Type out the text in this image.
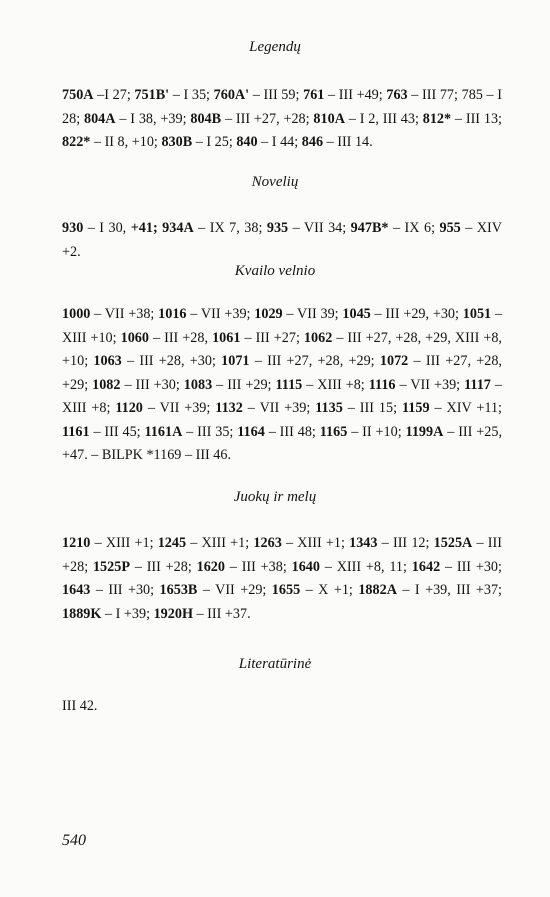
Legendų
750A –I 27; 751B' – I 35; 760A' – III 59; 761 – III +49; 763 – III 77; 785 – I 28; 804A – I 38, +39; 804B – III +27, +28; 810A – I 2, III 43; 812* – III 13; 822* – II 8, +10; 830B – I 25; 840 – I 44; 846 – III 14.
Novelių
930 – I 30, +41; 934A – IX 7, 38; 935 – VII 34; 947B* – IX 6; 955 – XIV +2.
Kvailo velnio
1000 – VII +38; 1016 – VII +39; 1029 – VII 39; 1045 – III +29, +30; 1051 – XIII +10; 1060 – III +28, 1061 – III +27; 1062 – III +27, +28, +29, XIII +8, +10; 1063 – III +28, +30; 1071 – III +27, +28, +29; 1072 – III +27, +28, +29; 1082 – III +30; 1083 – III +29; 1115 – XIII +8; 1116 – VII +39; 1117 – XIII +8; 1120 – VII +39; 1132 – VII +39; 1135 – III 15; 1159 – XIV +11; 1161 – III 45; 1161A – III 35; 1164 – III 48; 1165 – II +10; 1199A – III +25, +47. – BILPK *1169 – III 46.
Juokų ir melų
1210 – XIII +1; 1245 – XIII +1; 1263 – XIII +1; 1343 – III 12; 1525A – III +28; 1525P – III +28; 1620 – III +38; 1640 – XIII +8, 11; 1642 – III +30; 1643 – III +30; 1653B – VII +29; 1655 – X +1; 1882A – I +39, III +37; 1889K – I +39; 1920H – III +37.
Literatūrinė
III 42.
540
